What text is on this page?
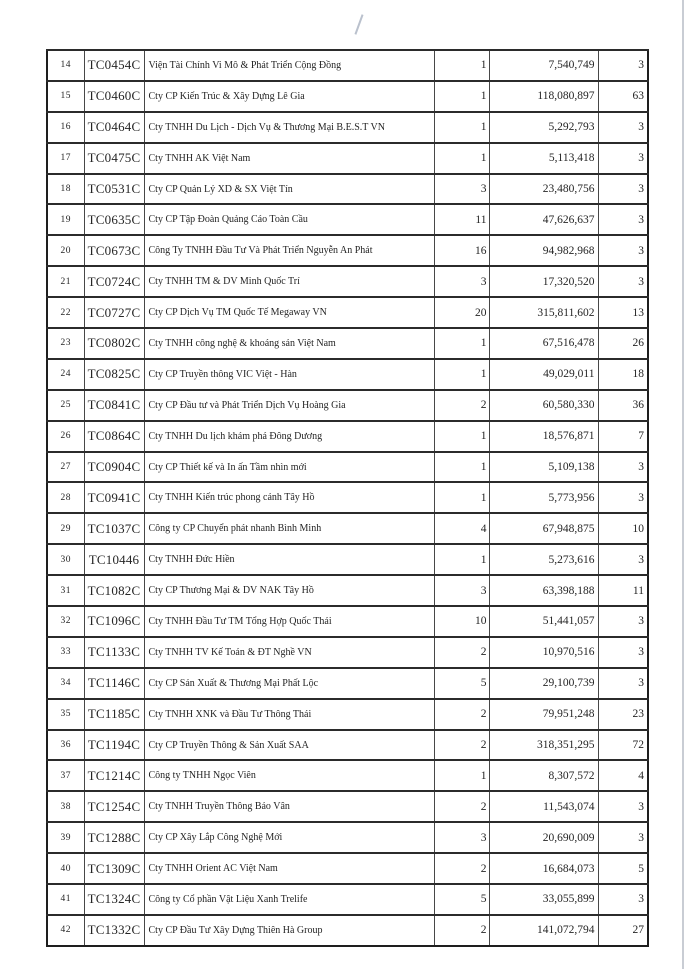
14	TC0454C	Viện Tài Chính Vi Mô & Phát Triển Cộng Đồng	1	7,540,749	3
15	TC0460C	Cty CP Kiến Trúc & Xây Dựng Lê Gia	1	118,080,897	63
16	TC0464C	Cty TNHH Du Lịch - Dịch Vụ & Thương Mại B.E.S.T VN	1	5,292,793	3
17	TC0475C	Cty TNHH AK Việt Nam	1	5,113,418	3
18	TC0531C	Cty CP Quản Lý XD & SX Việt Tín	3	23,480,756	3
19	TC0635C	Cty CP Tập Đoàn Quảng Cáo Toàn Cầu	11	47,626,637	3
20	TC0673C	Công Ty TNHH Đầu Tư Và Phát Triển Nguyễn An Phát	16	94,982,968	3
21	TC0724C	Cty TNHH TM & DV Minh Quốc Trí	3	17,320,520	3
22	TC0727C	Cty CP Dịch Vụ TM Quốc Tế Megaway VN	20	315,811,602	13
23	TC0802C	Cty TNHH công nghệ & khoáng sản Việt Nam	1	67,516,478	26
24	TC0825C	Cty CP Truyền thông VIC Việt - Hàn	1	49,029,011	18
25	TC0841C	Cty CP Đầu tư và Phát Triển Dịch Vụ Hoàng Gia	2	60,580,330	36
26	TC0864C	Cty TNHH Du lịch khám phá Đông Dương	1	18,576,871	7
27	TC0904C	Cty CP Thiết kế và In ấn Tầm nhìn mới	1	5,109,138	3
28	TC0941C	Cty TNHH Kiến trúc phong cảnh Tây Hồ	1	5,773,956	3
29	TC1037C	Công ty CP Chuyển phát nhanh Bình Minh	4	67,948,875	10
30	TC10446	Cty TNHH Đức Hiền	1	5,273,616	3
31	TC1082C	Cty CP Thương Mại & DV NAK Tây Hồ	3	63,398,188	11
32	TC1096C	Cty TNHH Đầu Tư TM Tổng Hợp Quốc Thái	10	51,441,057	3
33	TC1133C	Cty TNHH TV Kế Toán & ĐT Nghề VN	2	10,970,516	3
34	TC1146C	Cty CP Sản Xuất & Thương Mại Phất Lộc	5	29,100,739	3
35	TC1185C	Cty TNHH XNK và Đầu Tư Thông Thái	2	79,951,248	23
36	TC1194C	Cty CP Truyền Thông & Sản Xuất SAA	2	318,351,295	72
37	TC1214C	Công ty TNHH Ngọc Viên	1	8,307,572	4
38	TC1254C	Cty TNHH Truyền Thông Bảo Vân	2	11,543,074	3
39	TC1288C	Cty CP Xây Lắp Công Nghệ Mới	3	20,690,009	3
40	TC1309C	Cty TNHH Orient AC Việt Nam	2	16,684,073	5
41	TC1324C	Công ty Cổ phần Vật Liệu Xanh Trelife	5	33,055,899	3
42	TC1332C	Cty CP Đầu Tư Xây Dựng Thiên Hà Group	2	141,072,794	27
